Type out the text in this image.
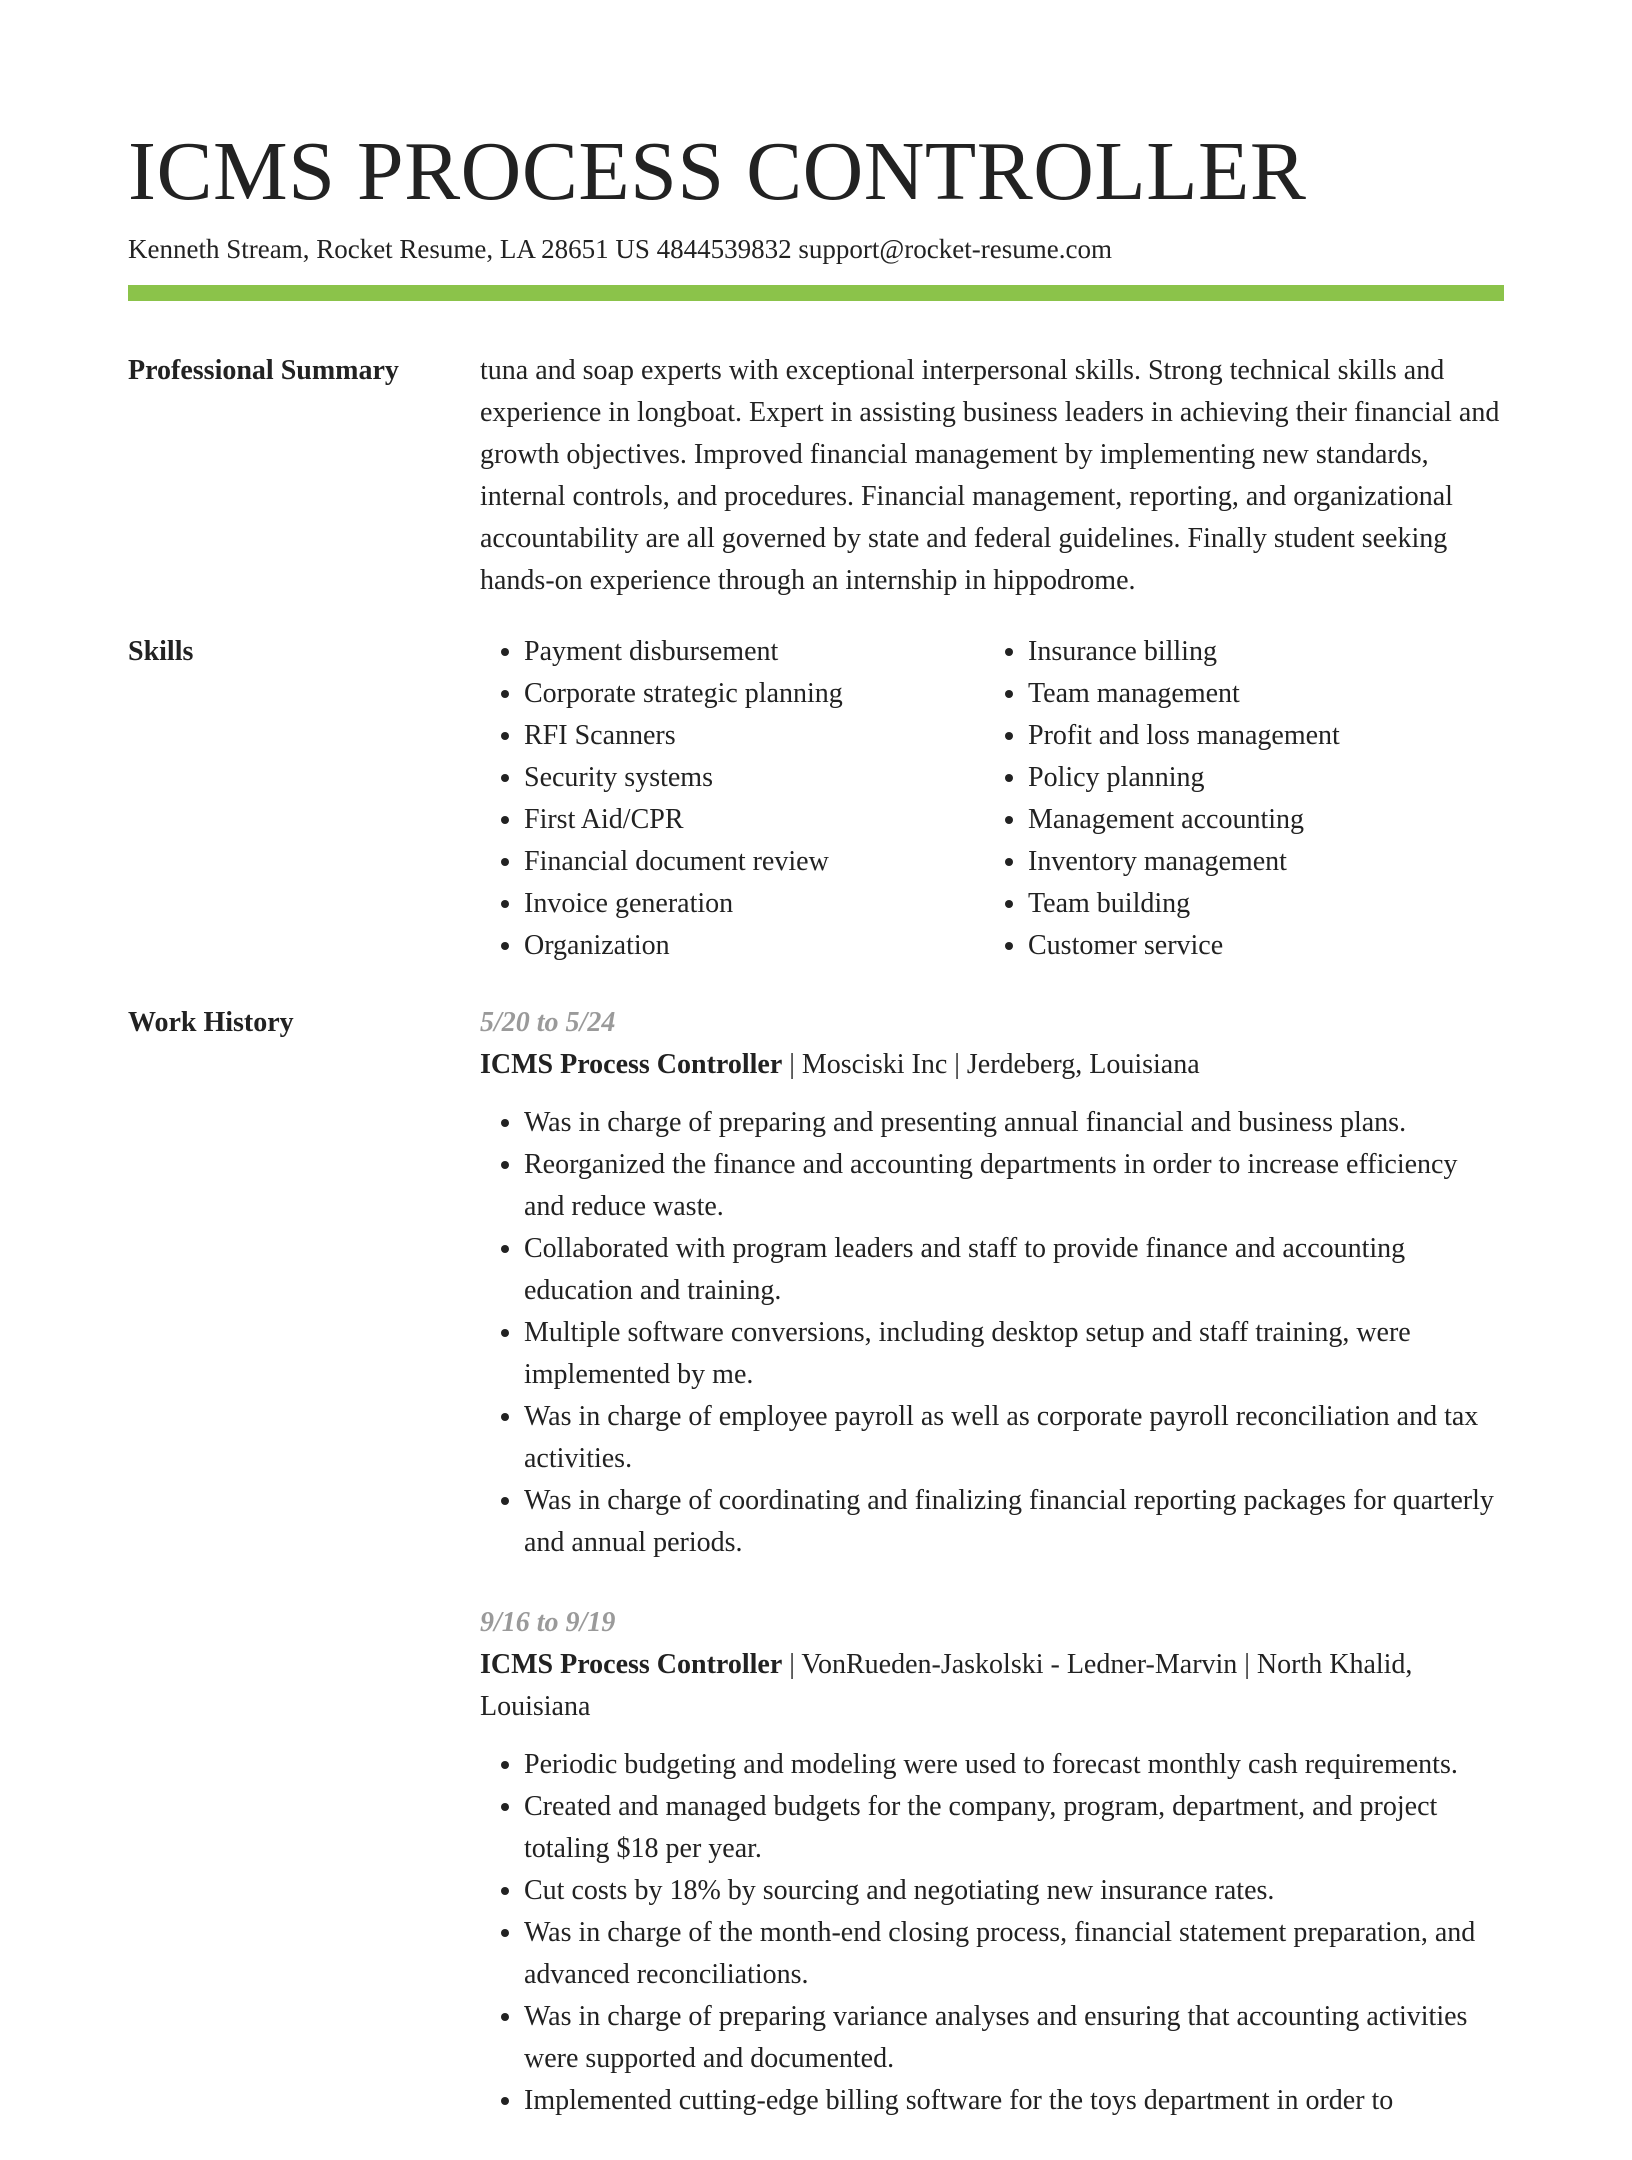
ICMS PROCESS CONTROLLER
Kenneth Stream, Rocket Resume, LA 28651 US 4844539832 support@rocket-resume.com
Professional Summary	tuna and soap experts with exceptional interpersonal skills. Strong technical skills and experience in longboat. Expert in assisting business leaders in achieving their financial and growth objectives. Improved financial management by implementing new standards, internal controls, and procedures. Financial management, reporting, and organizational accountability are all governed by state and federal guidelines. Finally student seeking hands-on experience through an internship in hippodrome.

Skills
•	Payment disbursement
• Corporate strategic planning
• RFI Scanners
• Security systems
• First Aid/CPR
• Financial document review
• Invoice generation
• Organization
• Insurance billing
• Team management
• Profit and loss management
• Policy planning
• Management accounting
• Inventory management
• Team building
• Customer service
Work History	5/20 to 5/24
ICMS Process Controller | Mosciski Inc | Jerdeberg, Louisiana
• Was in charge of preparing and presenting annual financial and business plans.
• Reorganized the finance and accounting departments in order to increase efficiency and reduce waste.
• Collaborated with program leaders and staff to provide finance and accounting education and training.
• Multiple software conversions, including desktop setup and staff training, were implemented by me.
• Was in charge of employee payroll as well as corporate payroll reconciliation and tax activities.
• Was in charge of coordinating and finalizing financial reporting packages for quarterly and annual periods.
9/16 to 9/19
ICMS Process Controller | VonRueden-Jaskolski - Ledner-Marvin | North Khalid, Louisiana
• Periodic budgeting and modeling were used to forecast monthly cash requirements.
• Created and managed budgets for the company, program, department, and project totaling $18 per year.
• Cut costs by 18% by sourcing and negotiating new insurance rates.
• Was in charge of the month-end closing process, financial statement preparation, and advanced reconciliations.
• Was in charge of preparing variance analyses and ensuring that accounting activities were supported and documented.
• Implemented cutting-edge billing software for the toys department in order to
